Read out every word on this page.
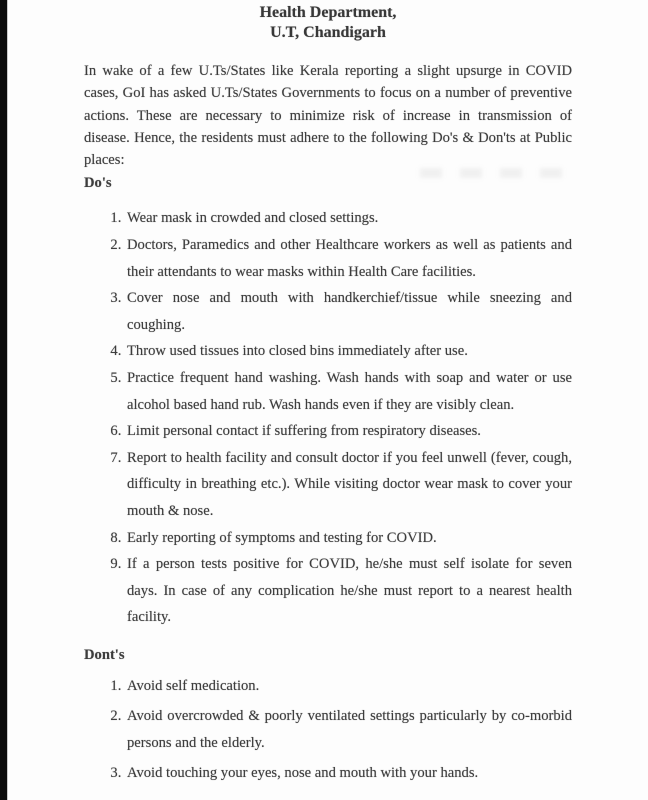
Health Department,
U.T, Chandigarh

In wake of a few U.Ts/States like Kerala reporting a slight upsurge in COVID cases, GoI has asked U.Ts/States Governments to focus on a number of preventive actions. These are necessary to minimize risk of increase in transmission of disease. Hence, the residents must adhere to the following Do's & Don'ts at Public places:

Do's
1. Wear mask in crowded and closed settings.
2. Doctors, Paramedics and other Healthcare workers as well as patients and their attendants to wear masks within Health Care facilities.
3. Cover nose and mouth with handkerchief/tissue while sneezing and coughing.
4. Throw used tissues into closed bins immediately after use.
5. Practice frequent hand washing. Wash hands with soap and water or use alcohol based hand rub. Wash hands even if they are visibly clean.
6. Limit personal contact if suffering from respiratory diseases.
7. Report to health facility and consult doctor if you feel unwell (fever, cough, difficulty in breathing etc.). While visiting doctor wear mask to cover your mouth & nose.
8. Early reporting of symptoms and testing for COVID.
9. If a person tests positive for COVID, he/she must self isolate for seven days. In case of any complication he/she must report to a nearest health facility.
Dont's
1. Avoid self medication.
2. Avoid overcrowded & poorly ventilated settings particularly by co-morbid persons and the elderly.
3. Avoid touching your eyes, nose and mouth with your hands.
